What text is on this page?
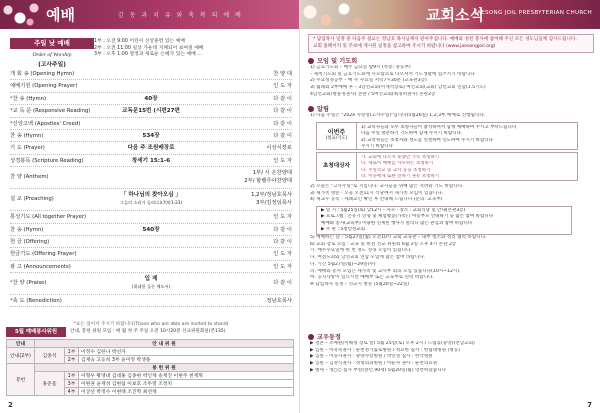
예배	감 동 과 치 유 와 축 복 의 예 배
주일 낮 예배	1부 : 오전 9:00 어린이 신앙훈련 있는 예배
2부 : 오전 11:00 일상 가운데 지체되어 보여질 예배
3부 : 오후 1:00 열정과 새로운 은혜가 있는 예배 ...
Order of Worship
(고사주일)
개 회 송 (Opening Hymn)	찬 양 대
예배기원 (Opening Prayer)	인 도 자
*찬 송 (Hymn)	40장	다 같 이
*교 독 문 (Responsive Reading)	교독문15번 (시편27편	다 같 이
*신앙고백 (Apostles' Creed)	다 같 이
찬 송 (Hymn)	534장	다 같 이
기 도 (Prayer)	다음 주 조원배장로	이상식장로
성경봉독 (Scripture Reading)	창세기 15:1-6	인 도 자
찬 양 (Anthem)
1부/ 시 온찬양대
2부/ 할렐루야찬양대
설 교 (Preaching)
「 하나님의 찾아오심 」
그들의 소리가 들리나요?(막1-23)
1,2부/정남호목사
3부/김정임목사
통성기도 (All together Prayer)	인 도 자
찬 송 (Hymn)	540장	다 같 이
헌 금 (Offering)	다 같 이
헌금기도 (Offering Prayer)	인 도 자
광 고 (Announcements)	인 도 자
*찬 양 (Praise)
입 제
(위대한 공동 체도서)
다 같 이
*축 도 (Benediction)	정남호목사
*표는 일어서 주시기 바랍니다(Those who are able are invited to stand)
5월 예배봉사위원	안내, 봉헌 위원 모임 : 매 월 첫 주 주일 오전 10시20분 선교위원회실(본135)
안내	안 내 위 원		
안내(2부)	김종석	1부	이정수 김한나 박선자
		2부	김재숙 고응희 3부 윤미정 박생플
봉헌	봉 헌 위 원		
	홍준흠	1부	이형우 황영대 김대홍 김종현 박인재 송재진 이현주 천재혁
		3부	이현권 윤재성 김현섭 이보호 조두열 조정치
		4부	이상선 박정수 이현태 조진혁 최선재
2
교회소식
JAESONG JOIL PRESBYTERIAN CHURCH
* 담임목사 일정 중 다음주 설교는 정남호 목사님께서 맡아주십니다. 예배와 성전 봉사에 참여해 주신 모든 성도님들께 감사드립니다.
교회 홈페이지 및 주보에 게시된 일정을 참고하여 주시기 바랍니다 (www.jaesongjoil.org)
모임 및 기도회
1) 금요기도회 – 매주 금요일 밤9시 (특송: 중등부)
– 새벽기도회 및 금요기도회에 사모함으로 나오셔서 기도생활에 힘쓰시기 바랍니다
2) 수요성경공부 – 매 주 수요일 저녁7시30분 (교육관3층)
3) 월례회 2부예배 후 – 3남선교회(이재석장로) 여선교회(교회) 남선교회 연합(1.5기도)
4남선교회(방윤정권사) 본관 / 5여선교회(최경희권사) 본관2층
알림
1) 다음 주일은 "2024 사랑성(고사주일)"입니다(5월26일) 1,2,3부 예배로 진행됩니다.
이번주
(설교/기도)
1) 교역자들과 모두 초청자들이 참석하셔서 함께 예배하여 주시고 부탁드립니다
다음 주일 방문하기 기도하여 함께 주시기 바랍니다.
2) 교역자들은 초청자와 성도를 연결하여 인도하여 주시기 바랍니다
주시기 바랍니다
초청대상자
가. 교회에 나오지 못했던 가족 초청하기
나. 새로이 예배를 사모하는 초청하기
다. 주일학교 및 교사 등을 초청하기
라. 이웃에게 또한 전하기 권유 초청하기
2) 오늘은 "고사주일"로 지킵니다. 교사들을 위해 많은 격려와 기도 바랍니다.
3) 새가족 방문 : 오늘 오전11시 식당에서 새가족 모임이 있습니다.
4) 새교우 등록 : 세례교인 확인 후 안내해 드립니다 (문의: 교육부)
▶ 일 시 : 5월25일(토) 낮12시 – 사모 · 장소 : 교회식당 및 안내(본관3층)
▶ 프로그램 : 온유기 인형 및 체험활동(가족) / 아동부모 안내하기 등 많은 참여 바랍니다
예배와 봉사(교육부) 이용한 연계된 행사가 열리니 많은 관심과 참여 바랍니다
▶ 주 관 : 5청년선교회
5) 예배하는 날 – 5월27일(월) 오전10시 교회 교육관 – 내부 청소와 정리 협력 바랍니다.
6) 교회 장로 모임 : 교육 및 비전 선교 위원회 6월 2일 오후 4시 본관 2층
가. 매주수요일에 한 번 정도 성경 모임이 있습니다.
나. 여전도회와 남선교회 연합 모임에 많은 참여 바랍니다.
다. 기간 5월27일(월)~29일(수)
라. 예배와 봉사 모임은 새가족 및 교사부 회의 모임 있습니다(10시~12시).
마. 공지사항이 있으시면 예배부 또는 교육부로 연락 바랍니다.
※ 담임목사 동정 – 선교지 방문 (5월20일~22일)
교우동정
▶ 결혼 – 조예원(이해정 장로 딸) 5월 25일(토) 오후 2시 / 드림홀(중앙)(전남교회)
▶ 입원 – 이축복권사 : 순천성가롤로병원 / 정요한 집사 : 한림대병원 (병동)
▶ 입원 – 이승자권사 : 광양사랑병원 / 박민영 집사 : 한국병원
▶ 입원 – 김정식권사 : 정형외과병원 / 이순자 권사 : 순천의료원
▶ 별세 – 정○○ 집사 부친(향년 90세) 5월20일(월) 영면하셨습니다
7
